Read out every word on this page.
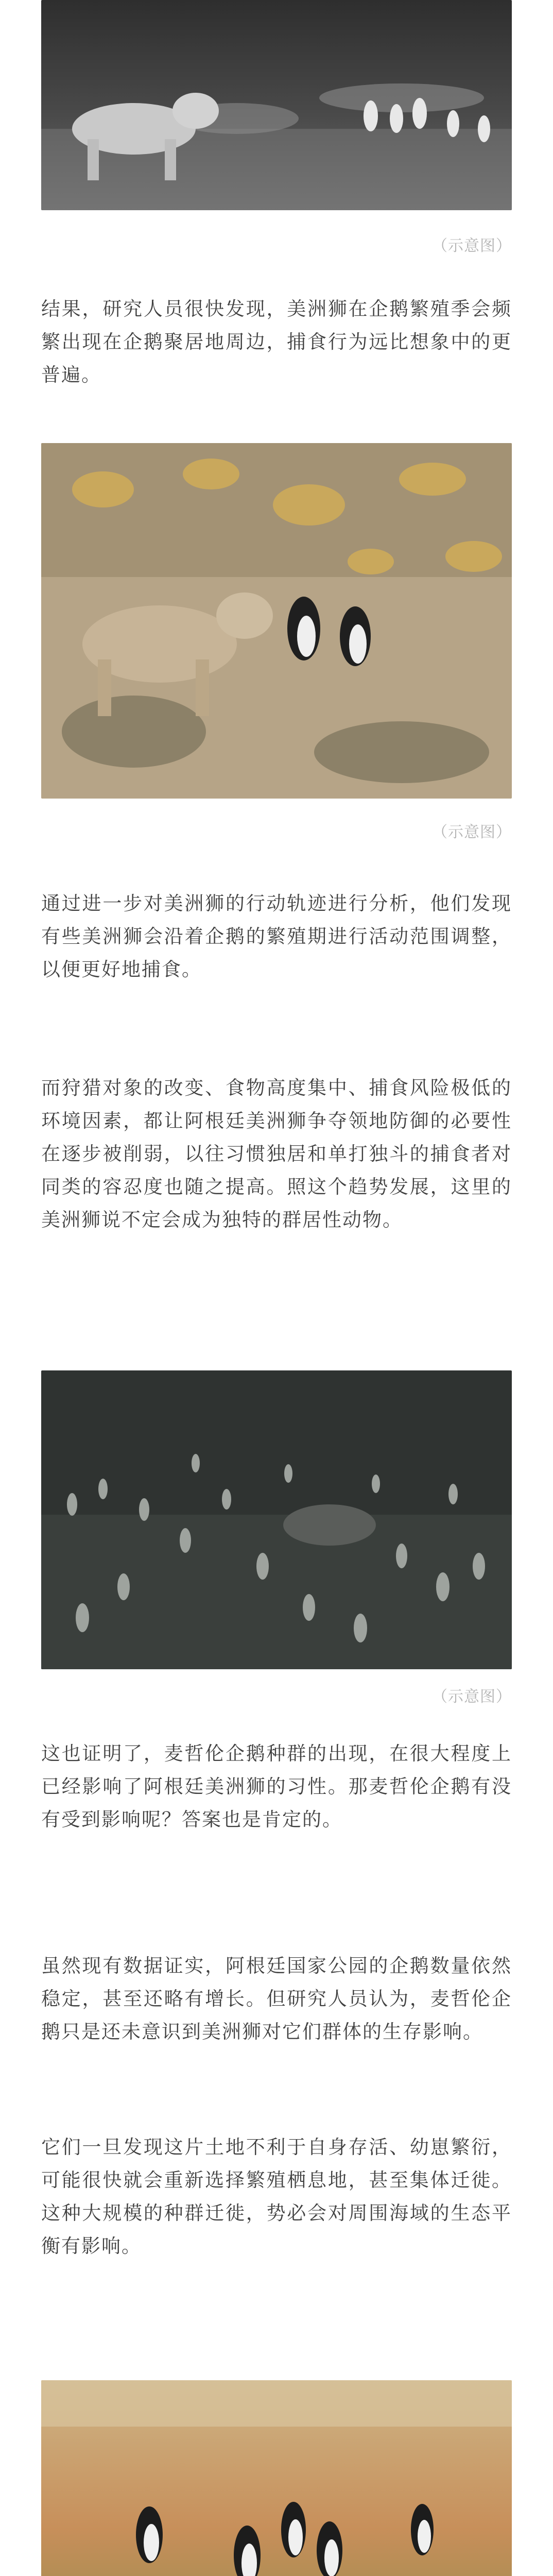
（示意图）

结果，研究人员很快发现，美洲狮在企鹅繁殖季会频繁出现在企鹅聚居地周边，捕食行为远比想象中的更普遍。

（示意图）

通过进一步对美洲狮的行动轨迹进行分析，他们发现有些美洲狮会沿着企鹅的繁殖期进行活动范围调整，以便更好地捕食。

而狩猎对象的改变、食物高度集中、捕食风险极低的环境因素，都让阿根廷美洲狮争夺领地防御的必要性在逐步被削弱，以往习惯独居和单打独斗的捕食者对同类的容忍度也随之提高。照这个趋势发展，这里的美洲狮说不定会成为独特的群居性动物。

（示意图）

这也证明了，麦哲伦企鹅种群的出现，在很大程度上已经影响了阿根廷美洲狮的习性。那麦哲伦企鹅有没有受到影响呢？答案也是肯定的。

虽然现有数据证实，阿根廷国家公园的企鹅数量依然稳定，甚至还略有增长。但研究人员认为，麦哲伦企鹅只是还未意识到美洲狮对它们群体的生存影响。

它们一旦发现这片土地不利于自身存活、幼崽繁衍，可能很快就会重新选择繁殖栖息地，甚至集体迁徙。这种大规模的种群迁徙，势必会对周围海域的生态平衡有影响。
